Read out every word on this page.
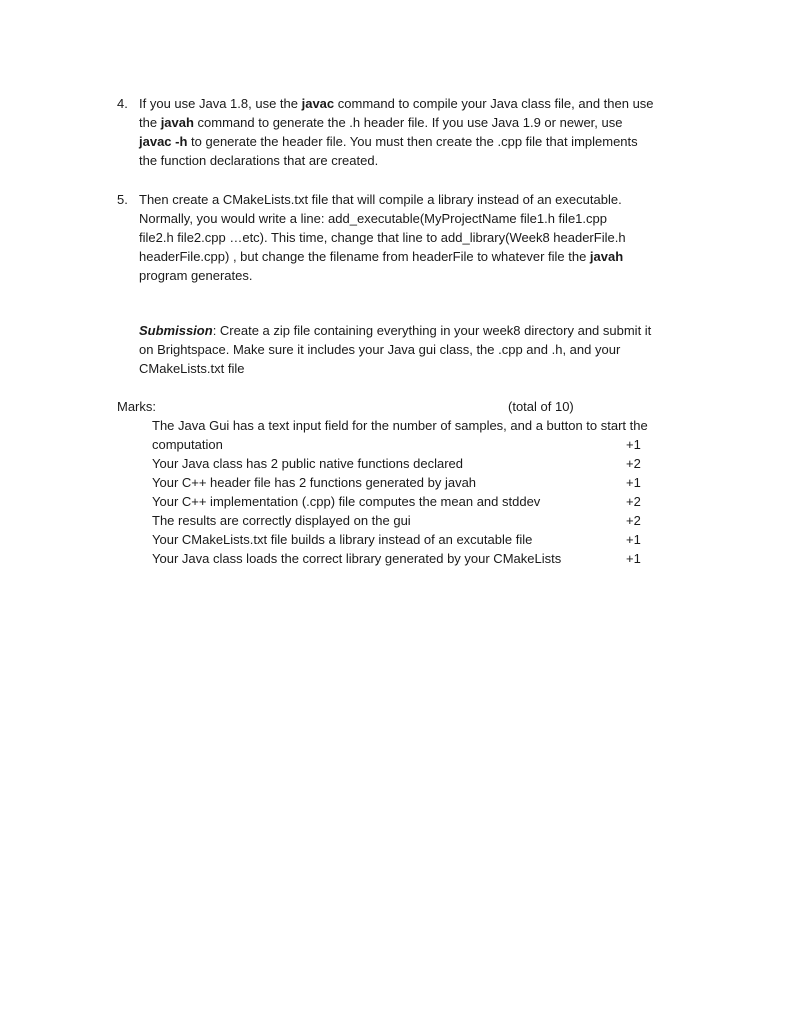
4. If you use Java 1.8, use the javac command to compile your Java class file, and then use
the javah command to generate the .h header file. If you use Java 1.9 or newer, use
javac -h to generate the header file. You must then create the .cpp file that implements
the function declarations that are created.
5. Then create a CMakeLists.txt file that will compile a library instead of an executable.
Normally, you would write a line: add_executable(MyProjectName file1.h file1.cpp
file2.h file2.cpp …etc). This time, change that line to add_library(Week8 headerFile.h
headerFile.cpp) , but change the filename from headerFile to whatever file the javah
program generates.
Submission: Create a zip file containing everything in your week8 directory and submit it
on Brightspace. Make sure it includes your Java gui class, the .cpp and .h, and your
CMakeLists.txt file
Marks:	(total of 10)
The Java Gui has a text input field for the number of samples, and a button to start the
computation	+1
Your Java class has 2 public native functions declared	+2
Your C++ header file has 2 functions generated by javah	+1
Your C++ implementation (.cpp) file computes the mean and stddev	+2
The results are correctly displayed on the gui	+2
Your CMakeLists.txt file builds a library instead of an excutable file	+1
Your Java class loads the correct library generated by your CMakeLists	+1
